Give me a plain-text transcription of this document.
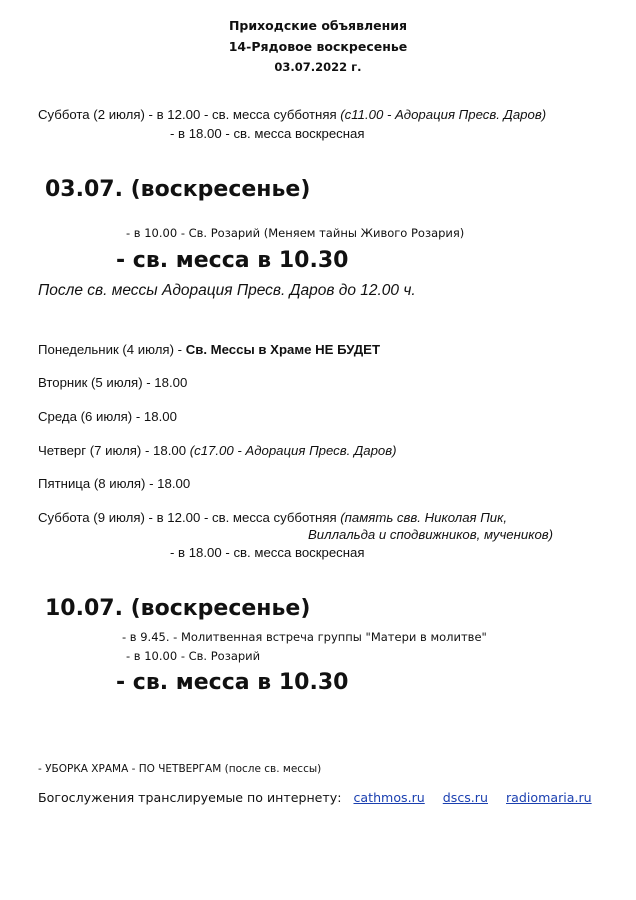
Приходские объявления
14-Рядовое воскресенье
03.07.2022 г.
Суббота (2 июля) - в 12.00 - св. месса субботняя (с11.00 - Адорация Пресв. Даров)
- в 18.00 - св. месса воскресная
03.07. (воскресенье)
- в 10.00 - Св. Розарий (Меняем тайны Живого Розария)
- св. месса в 10.30
После св. мессы Адорация Пресв. Даров до 12.00 ч.
Понедельник (4 июля) - Св. Мессы в Храме НЕ БУДЕТ
Вторник (5 июля) - 18.00
Среда (6 июля) - 18.00
Четверг (7 июля) - 18.00 (с17.00 - Адорация Пресв. Даров)
Пятница (8 июля) - 18.00
Суббота (9 июля) - в 12.00 - св. месса субботняя (память свв. Николая Пик,
Виллальда и сподвижников, мучеников)
- в 18.00 - св. месса воскресная
10.07. (воскресенье)
- в 9.45. - Молитвенная встреча группы "Матери в молитве"
- в 10.00 - Св. Розарий
- св. месса в 10.30
- УБОРКА ХРАМА - ПО ЧЕТВЕРГАМ (после св. мессы)
Богослужения транслируемые по интернету: cathmos.ru dscs.ru radiomaria.ru
